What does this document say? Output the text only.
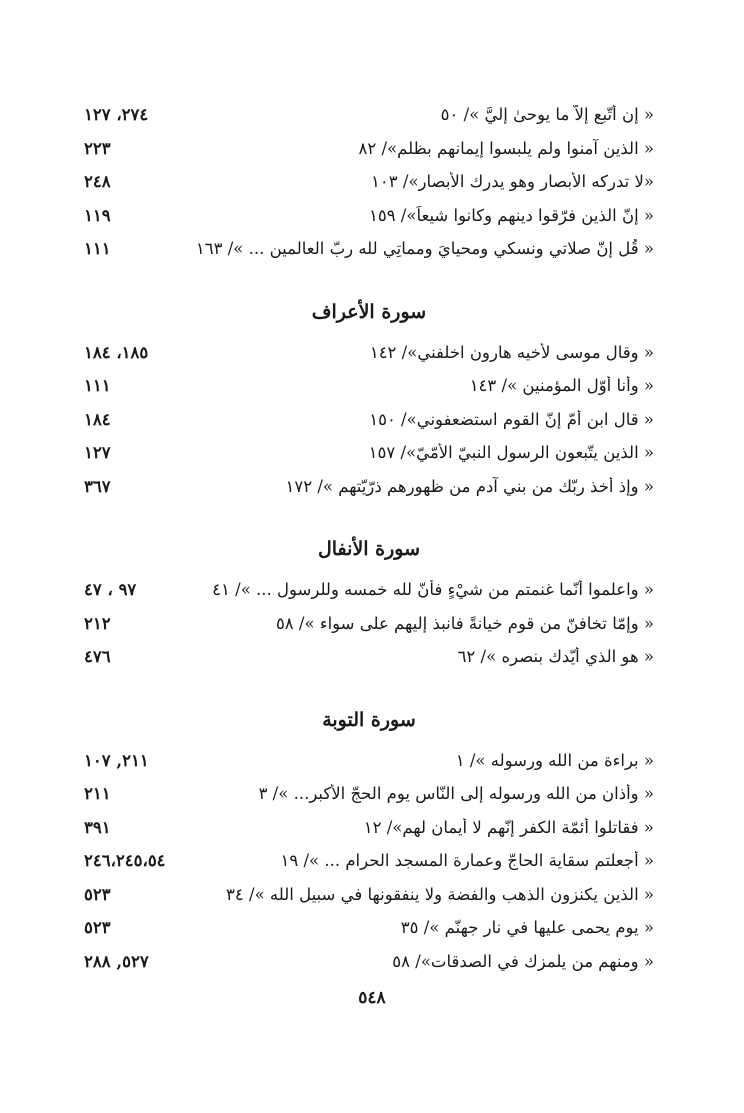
« إن أتّبع إلاّ ما يوحىٰ إليَّ »/ ٥٠
٢٧٤، ١٢٧
« الذين آمنوا ولم يلبسوا إيمانهم بظلم»/ ٨٢
٢٢٣
«لا تدركه الأبصار وهو يدرك الأبصار»/ ١٠٣
٢٤٨
« إنّ الذين فرّقوا دينهم وكانوا شيعاً»/ ١٥٩
١١٩
« قُل إنّ صلاتي ونسكي ومحيايَ ومماتِي لله ربّ العالمين ... »/ ١٦٣
١١١
سورة الأعراف
« وقال موسى لأخيه هارون اخلفني»/ ١٤٢
١٨٥، ١٨٤
« وأنا أوّل المؤمنين »/ ١٤٣
١١١
« قال ابن أُمّ إنّ القوم استضعفوني»/ ١٥٠
١٨٤
« الذين يتّبعون الرسول النبيّ الأُمّيّ»/ ١٥٧
١٢٧
« وإذ أخذ ربّك من بني آدم من ظهورهم ذرّيّتهم »/ ١٧٢
٣٦٧
سورة الأنفال
« واعلموا أنّما غنمتم من شيْءٍ فأنّ لله خمسه وللرسول ... »/ ٤١
٩٧ ، ٤٧
« وإمّا تخافنّ من قوم خيانةً فانبذ إليهم على سواء »/ ٥٨
٢١٢
« هو الذي أيّدك بنصره »/ ٦٢
٤٧٦
سورة التوبة
« براءة من الله ورسوله »/ ١
٢١١, ١٠٧
« وأذان من الله ورسوله إلى النّاس يوم الحجّ الأكبر... »/ ٣
٢١١
« فقاتلوا أئمّة الكفر إنّهم لا أيمان لهم»/ ١٢
٣٩١
« أجعلتم سقاية الحاجّ وعمارة المسجد الحرام ... »/ ١٩
٢٤٦،٢٤٥،٥٤
« الذين يكنزون الذهب والفضة ولا ينفقونها في سبيل الله »/ ٣٤
٥٢٣
« يوم يحمى عليها في نار جهنّم »/ ٣٥
٥٢٣
« ومنهم من يلمزك في الصدقات»/ ٥٨
٥٢٧, ٢٨٨
٥٤٨
